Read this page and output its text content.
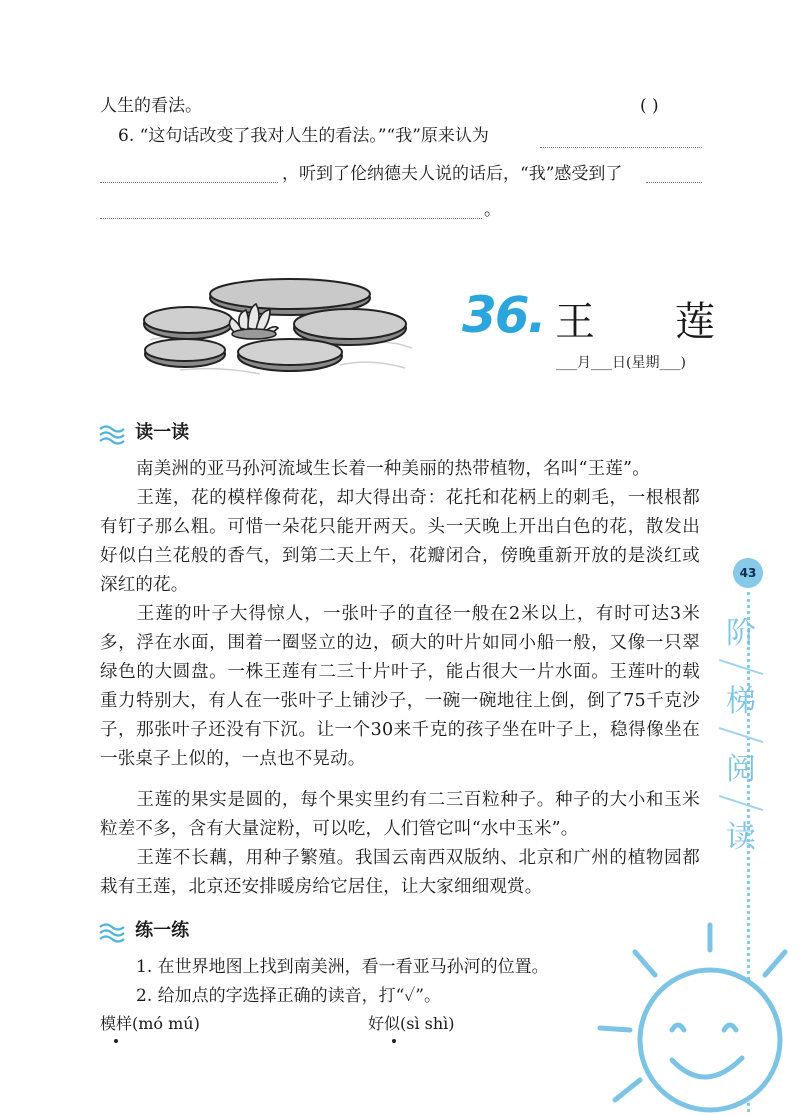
人生的看法。	( )
6. “这句话改变了我对人生的看法。”“我”原来认为
，听到了伦纳德夫人说的话后，“我”感受到了
。
36. 王　　莲
___月___日(星期___)
读一读
南美洲的亚马孙河流域生长着一种美丽的热带植物，名叫“王莲”。
王莲，花的模样像荷花，却大得出奇：花托和花柄上的刺毛，一根根都有钉子那么粗。可惜一朵花只能开两天。头一天晚上开出白色的花，散发出好似白兰花般的香气，到第二天上午，花瓣闭合，傍晚重新开放的是淡红或深红的花。
王莲的叶子大得惊人，一张叶子的直径一般在2米以上，有时可达3米多，浮在水面，围着一圈竖立的边，硕大的叶片如同小船一般，又像一只翠绿色的大圆盘。一株王莲有二三十片叶子，能占很大一片水面。王莲叶的载重力特别大，有人在一张叶子上铺沙子，一碗一碗地往上倒，倒了75千克沙子，那张叶子还没有下沉。让一个30来千克的孩子坐在叶子上，稳得像坐在一张桌子上似的，一点也不晃动。
王莲的果实是圆的，每个果实里约有二三百粒种子。种子的大小和玉米粒差不多，含有大量淀粉，可以吃，人们管它叫“水中玉米”。
王莲不长藕，用种子繁殖。我国云南西双版纳、北京和广州的植物园都栽有王莲，北京还安排暖房给它居住，让大家细细观赏。
练一练
1. 在世界地图上找到南美洲，看一看亚马孙河的位置。
2. 给加点的字选择正确的读音，打“✓”。
模样(mó mú)	好似(sì shì)
43
阶
梯
阅
读
